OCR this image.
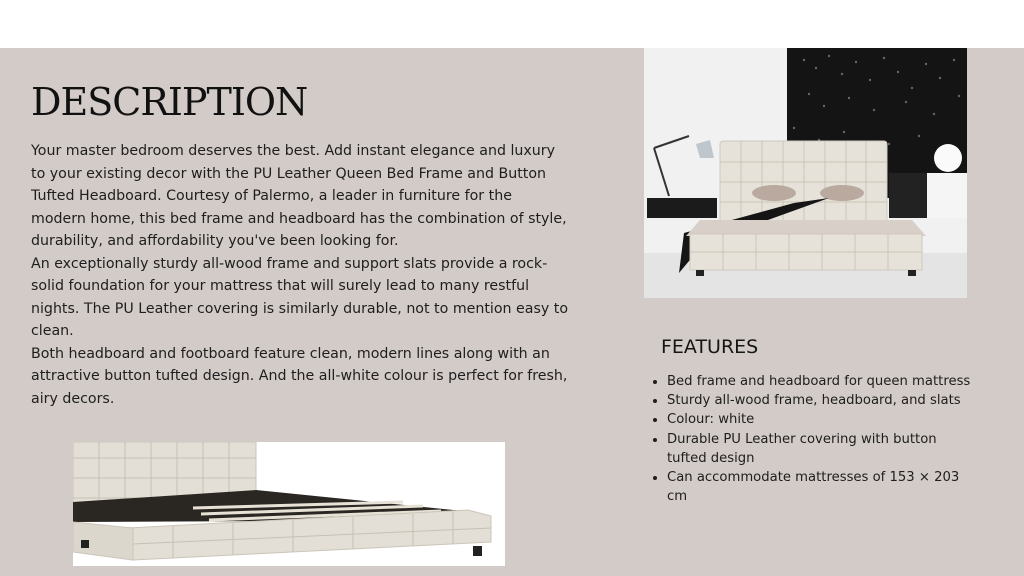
DESCRIPTION

Your master bedroom deserves the best. Add instant elegance and luxury to your existing decor with the PU Leather Queen Bed Frame and Button Tufted Headboard. Courtesy of Palermo, a leader in furniture for the modern home, this bed frame and headboard has the combination of style, durability, and affordability you've been looking for.

An exceptionally sturdy all-wood frame and support slats provide a rock-solid foundation for your mattress that will surely lead to many restful nights. The PU Leather covering is similarly durable, not to mention easy to clean.

Both headboard and footboard feature clean, modern lines along with an attractive button tufted design. And the all-white colour is perfect for fresh, airy decors.

FEATURES
• Bed frame and headboard for queen mattress
• Sturdy all-wood frame, headboard, and slats
• Colour: white
• Durable PU Leather covering with button tufted design
• Can accommodate mattresses of 153 × 203 cm
